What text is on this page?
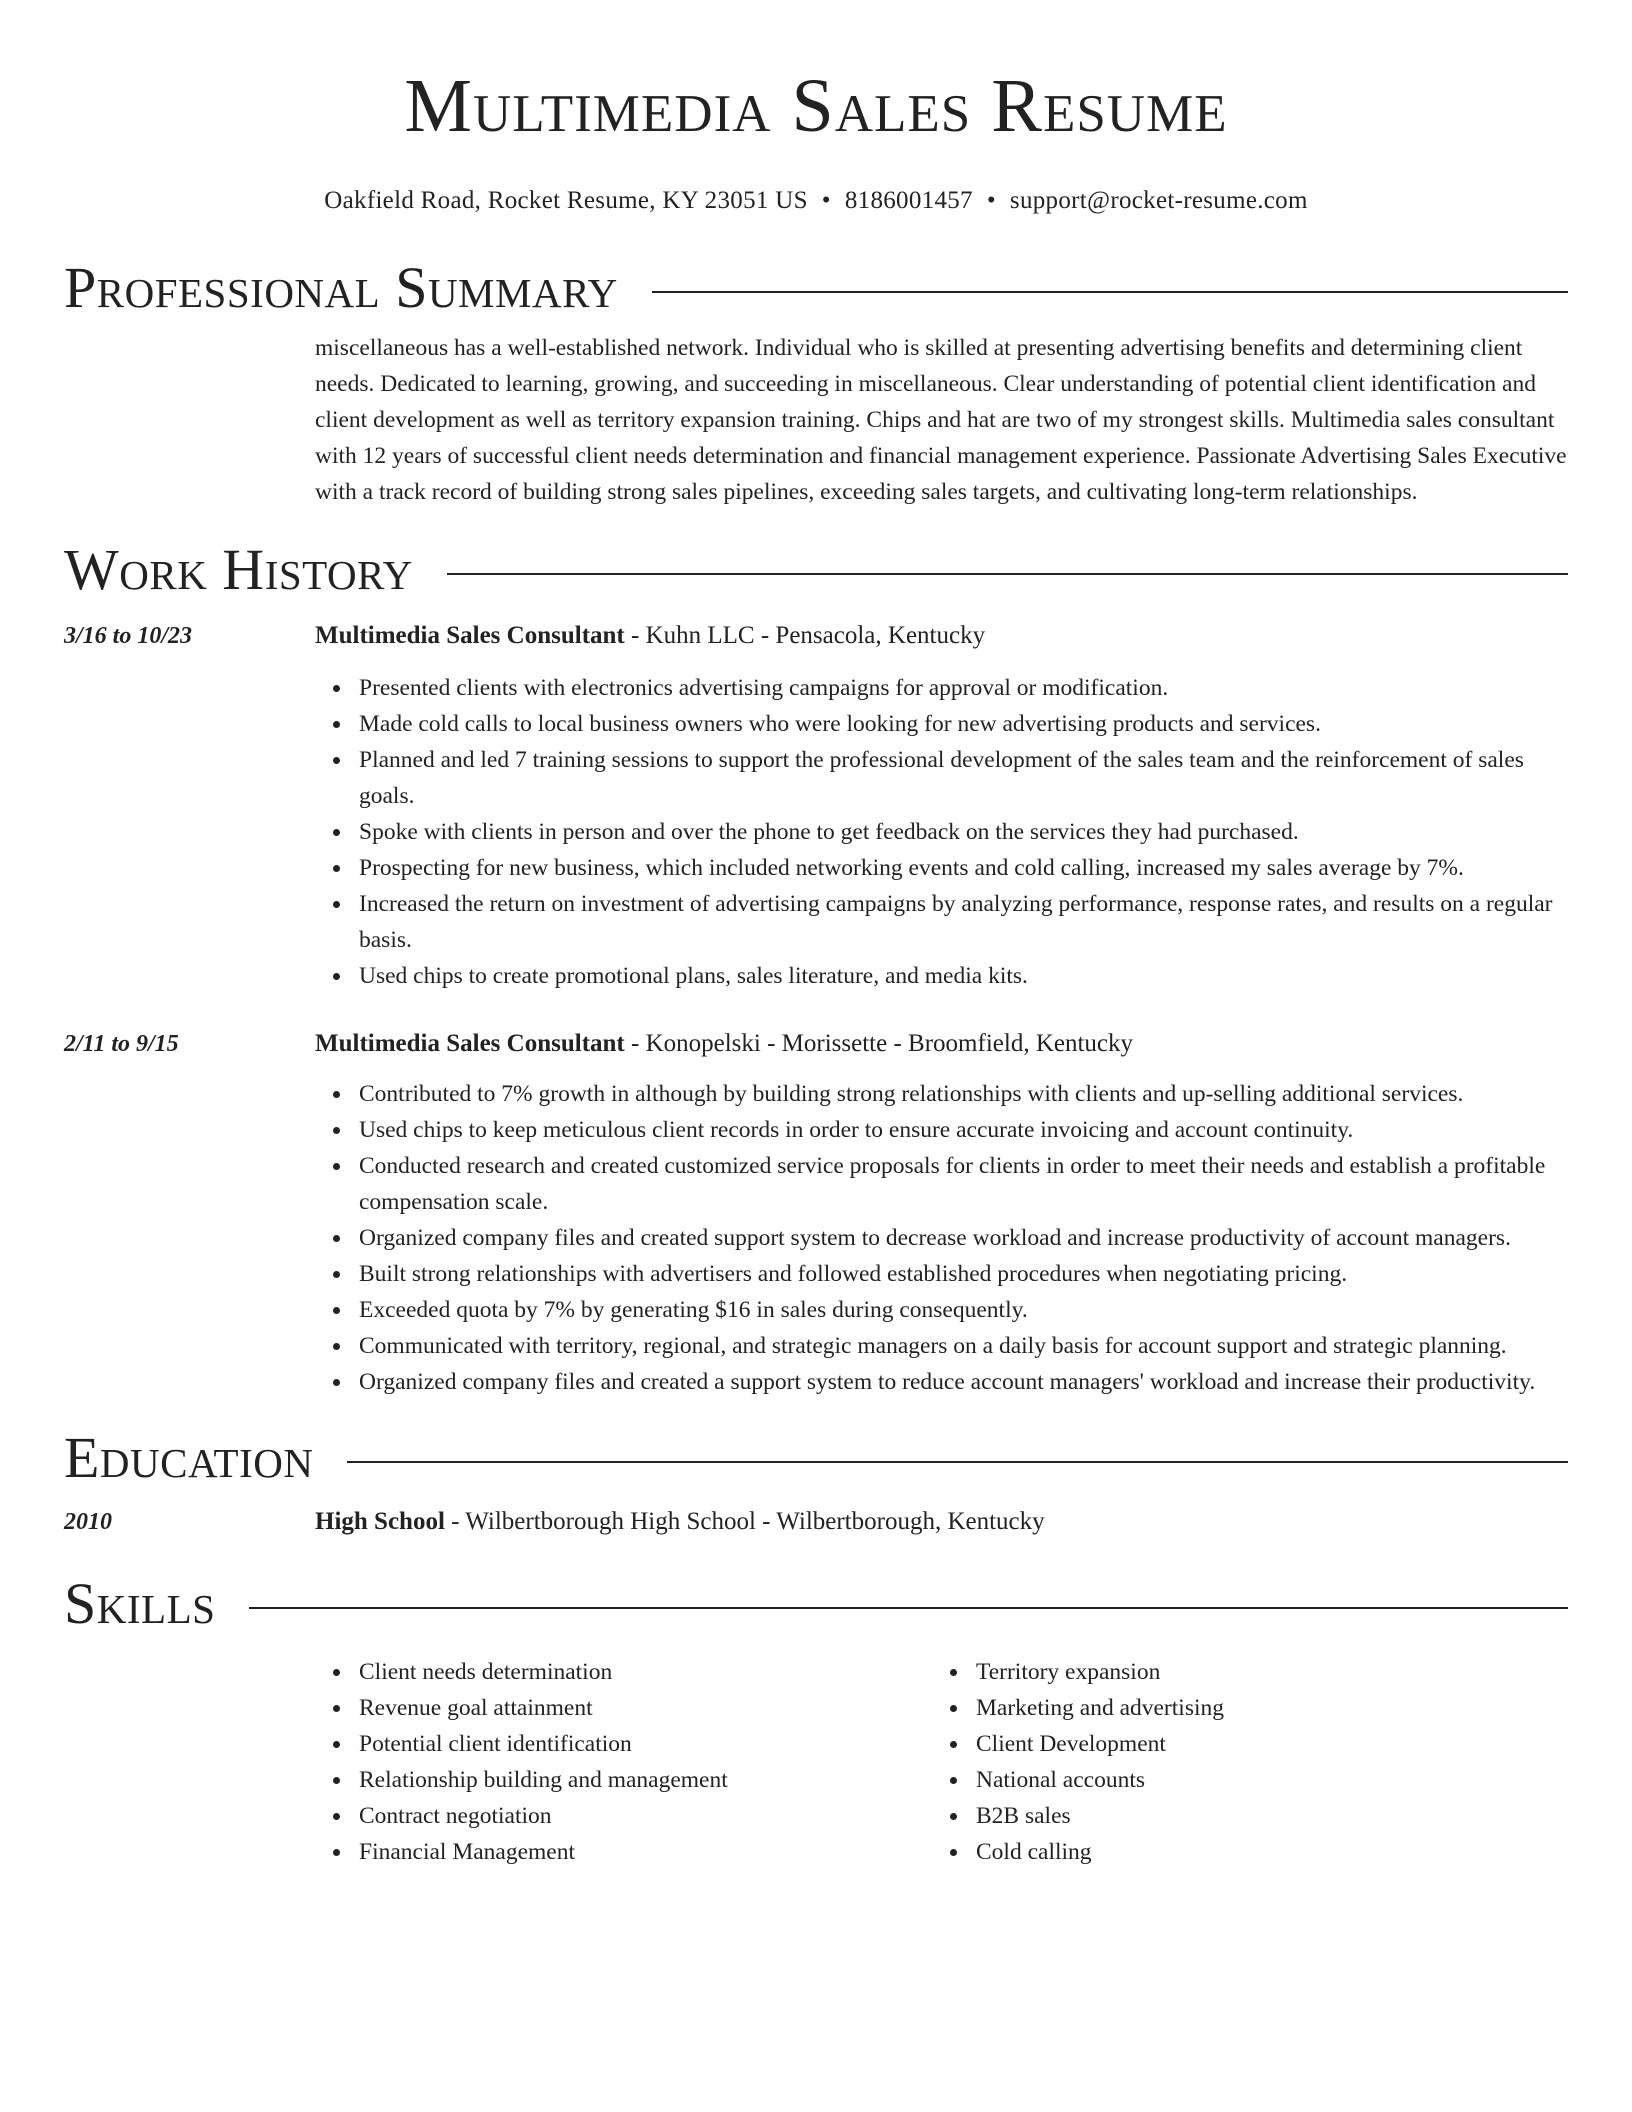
Multimedia Sales Resume
Oakfield Road, Rocket Resume, KY 23051 US • 8186001457 • support@rocket-resume.com
Professional Summary
miscellaneous has a well-established network. Individual who is skilled at presenting advertising benefits and determining client needs. Dedicated to learning, growing, and succeeding in miscellaneous. Clear understanding of potential client identification and client development as well as territory expansion training. Chips and hat are two of my strongest skills. Multimedia sales consultant with 12 years of successful client needs determination and financial management experience. Passionate Advertising Sales Executive with a track record of building strong sales pipelines, exceeding sales targets, and cultivating long-term relationships.
Work History
3/16 to 10/23	Multimedia Sales Consultant - Kuhn LLC - Pensacola, Kentucky
Presented clients with electronics advertising campaigns for approval or modification.
Made cold calls to local business owners who were looking for new advertising products and services.
Planned and led 7 training sessions to support the professional development of the sales team and the reinforcement of sales goals.
Spoke with clients in person and over the phone to get feedback on the services they had purchased.
Prospecting for new business, which included networking events and cold calling, increased my sales average by 7%.
Increased the return on investment of advertising campaigns by analyzing performance, response rates, and results on a regular basis.
Used chips to create promotional plans, sales literature, and media kits.
2/11 to 9/15	Multimedia Sales Consultant - Konopelski - Morissette - Broomfield, Kentucky
Contributed to 7% growth in although by building strong relationships with clients and up-selling additional services.
Used chips to keep meticulous client records in order to ensure accurate invoicing and account continuity.
Conducted research and created customized service proposals for clients in order to meet their needs and establish a profitable compensation scale.
Organized company files and created support system to decrease workload and increase productivity of account managers.
Built strong relationships with advertisers and followed established procedures when negotiating pricing.
Exceeded quota by 7% by generating $16 in sales during consequently.
Communicated with territory, regional, and strategic managers on a daily basis for account support and strategic planning.
Organized company files and created a support system to reduce account managers' workload and increase their productivity.
Education
2010	High School - Wilbertborough High School - Wilbertborough, Kentucky
Skills
Client needs determination
Revenue goal attainment
Potential client identification
Relationship building and management
Contract negotiation
Financial Management
Territory expansion
Marketing and advertising
Client Development
National accounts
B2B sales
Cold calling
